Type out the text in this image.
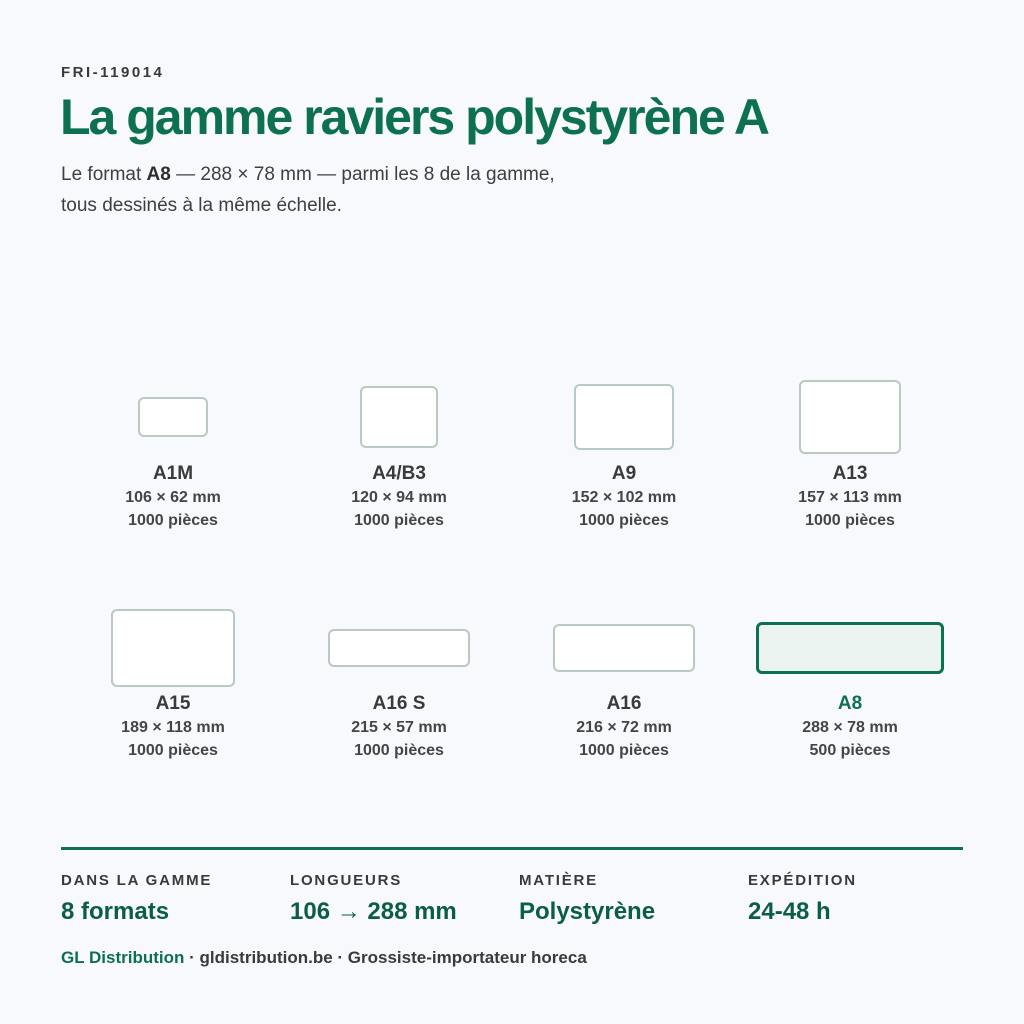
FRI-119014
La gamme raviers polystyrène A
Le format A8 — 288 × 78 mm — parmi les 8 de la gamme, tous dessinés à la même échelle.
A1M
106 × 62 mm
1000 pièces
A4/B3
120 × 94 mm
1000 pièces
A9
152 × 102 mm
1000 pièces
A13
157 × 113 mm
1000 pièces
A15
189 × 118 mm
1000 pièces
A16 S
215 × 57 mm
1000 pièces
A16
216 × 72 mm
1000 pièces
A8
288 × 78 mm
500 pièces
DANS LA GAMME
8 formats
LONGUEURS
106 → 288 mm
MATIÈRE
Polystyrène
EXPÉDITION
24-48 h
GL Distribution · gldistribution.be · Grossiste-importateur horeca
